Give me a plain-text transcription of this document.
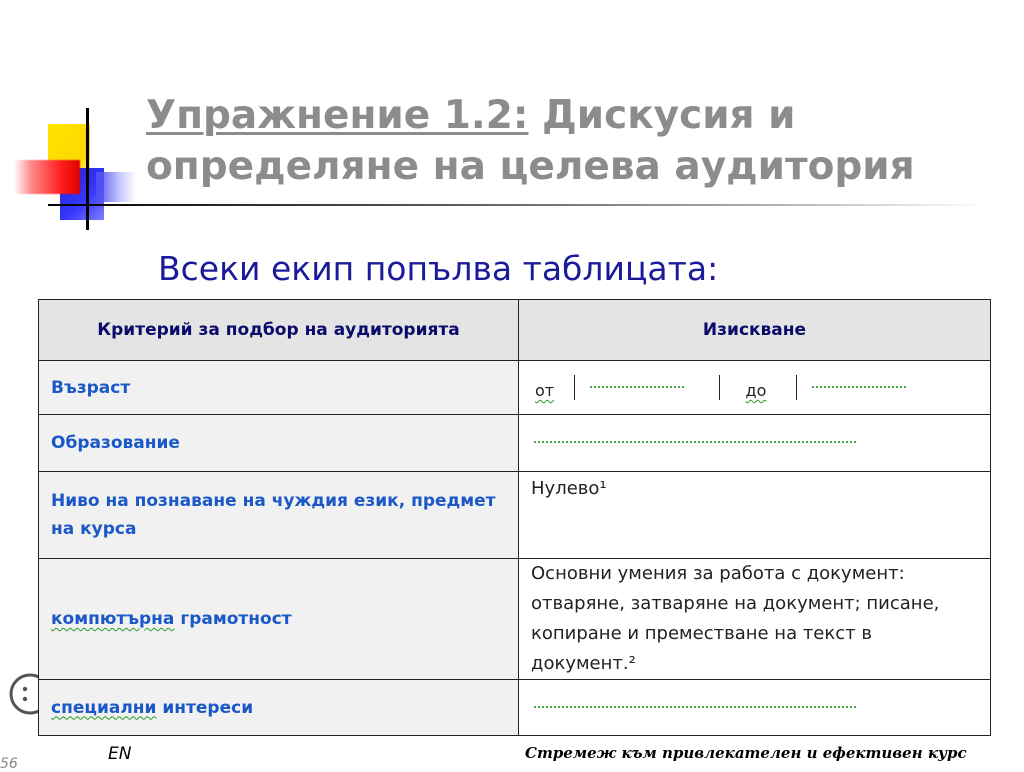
Упражнение 1.2: Дискусия и определяне на целева аудитория

Всеки екип попълва таблицата:

Критерий за подбор на аудиторията	Изискване
Възраст		от		до	

Образование	

Ниво на познаване на чуждия език, предмет на курса	Нулево¹
компютърна грамотност	Основни умения за работа с документ: отваряне, затваряне на документ; писане, копиране и преместване на текст в документ.²
специални интереси	
EN	Стремеж към привлекателен и ефективен курс
56
